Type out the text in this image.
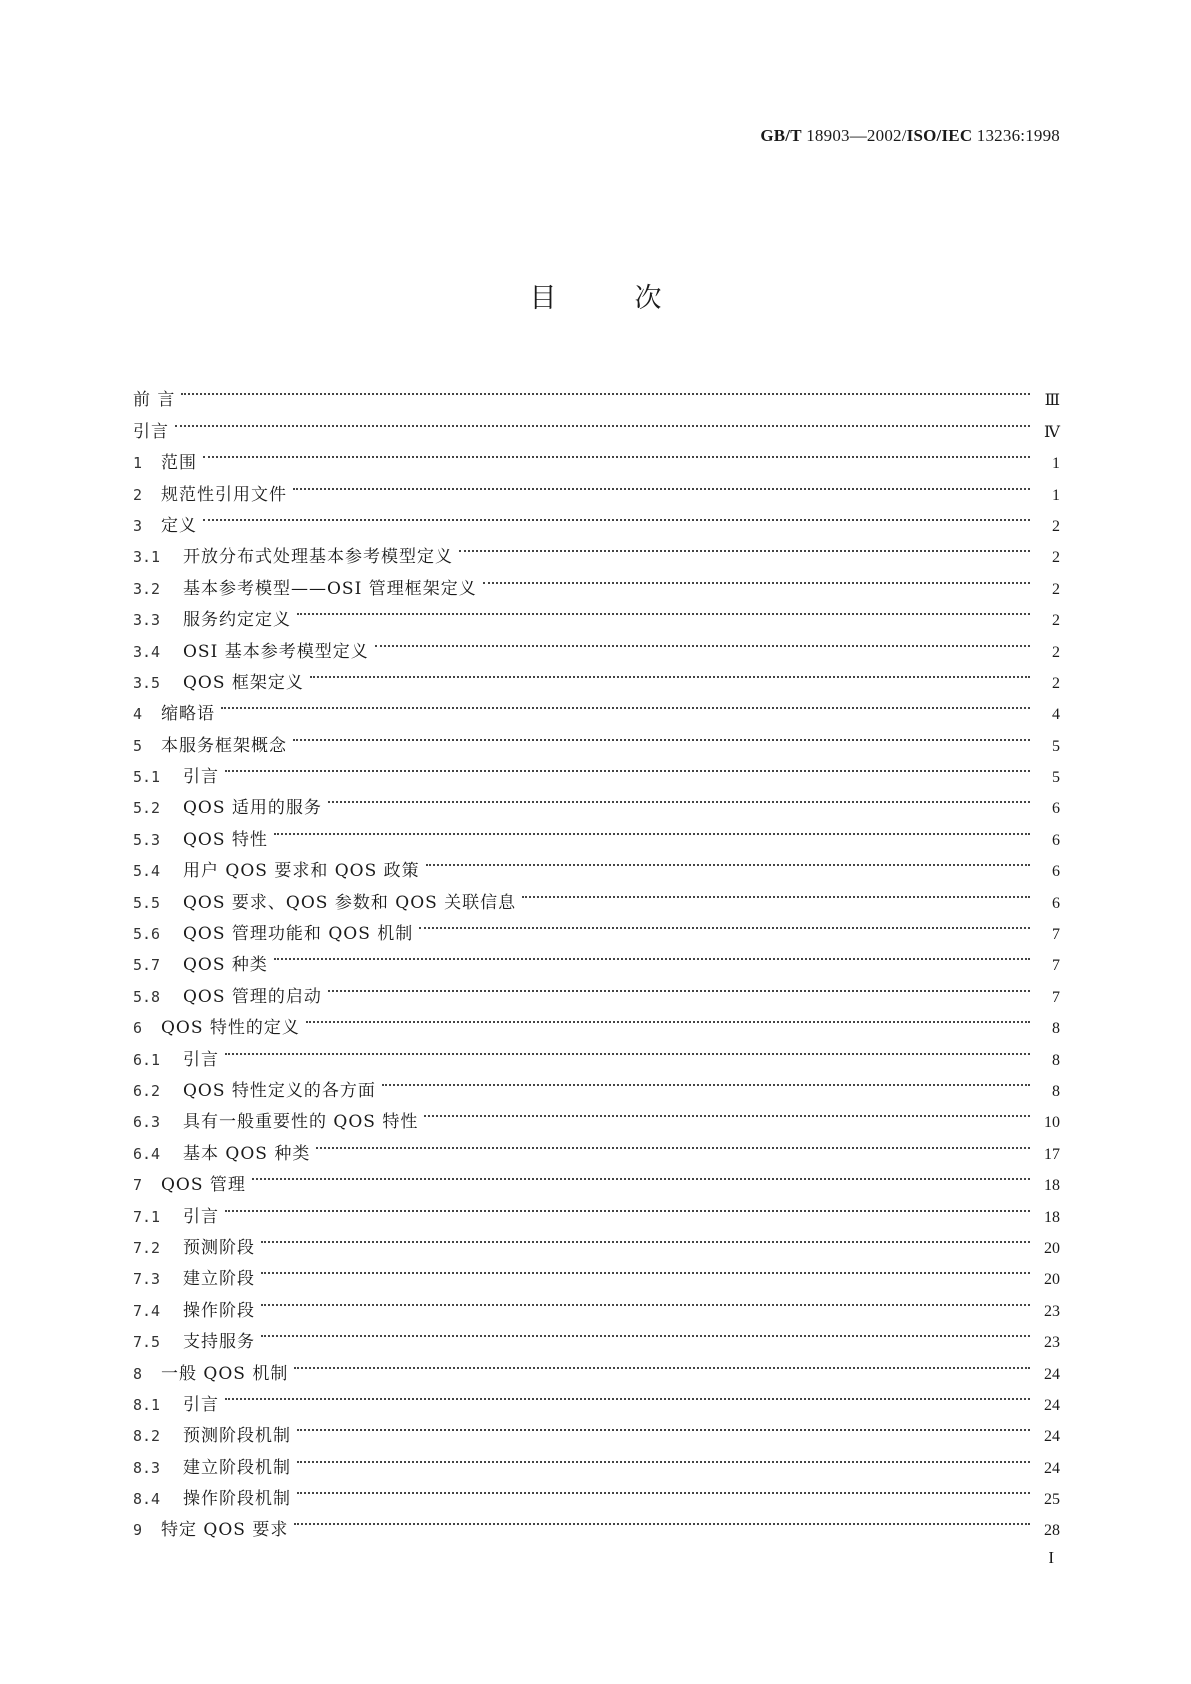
GB/T 18903—2002/ISO/IEC 13236:1998
目次
前 言	Ⅲ
引言	Ⅳ
1	范围	1
2	规范性引用文件	1
3	定义	2
3.1	开放分布式处理基本参考模型定义	2
3.2	基本参考模型——OSI 管理框架定义	2
3.3	服务约定定义	2
3.4	OSI 基本参考模型定义	2
3.5	QOS 框架定义	2
4	缩略语	4
5	本服务框架概念	5
5.1	引言	5
5.2	QOS 适用的服务	6
5.3	QOS 特性	6
5.4	用户 QOS 要求和 QOS 政策	6
5.5	QOS 要求、QOS 参数和 QOS 关联信息	6
5.6	QOS 管理功能和 QOS 机制	7
5.7	QOS 种类	7
5.8	QOS 管理的启动	7
6	QOS 特性的定义	8
6.1	引言	8
6.2	QOS 特性定义的各方面	8
6.3	具有一般重要性的 QOS 特性	10
6.4	基本 QOS 种类	17
7	QOS 管理	18
7.1	引言	18
7.2	预测阶段	20
7.3	建立阶段	20
7.4	操作阶段	23
7.5	支持服务	23
8	一般 QOS 机制	24
8.1	引言	24
8.2	预测阶段机制	24
8.3	建立阶段机制	24
8.4	操作阶段机制	25
9	特定 QOS 要求	28
I
